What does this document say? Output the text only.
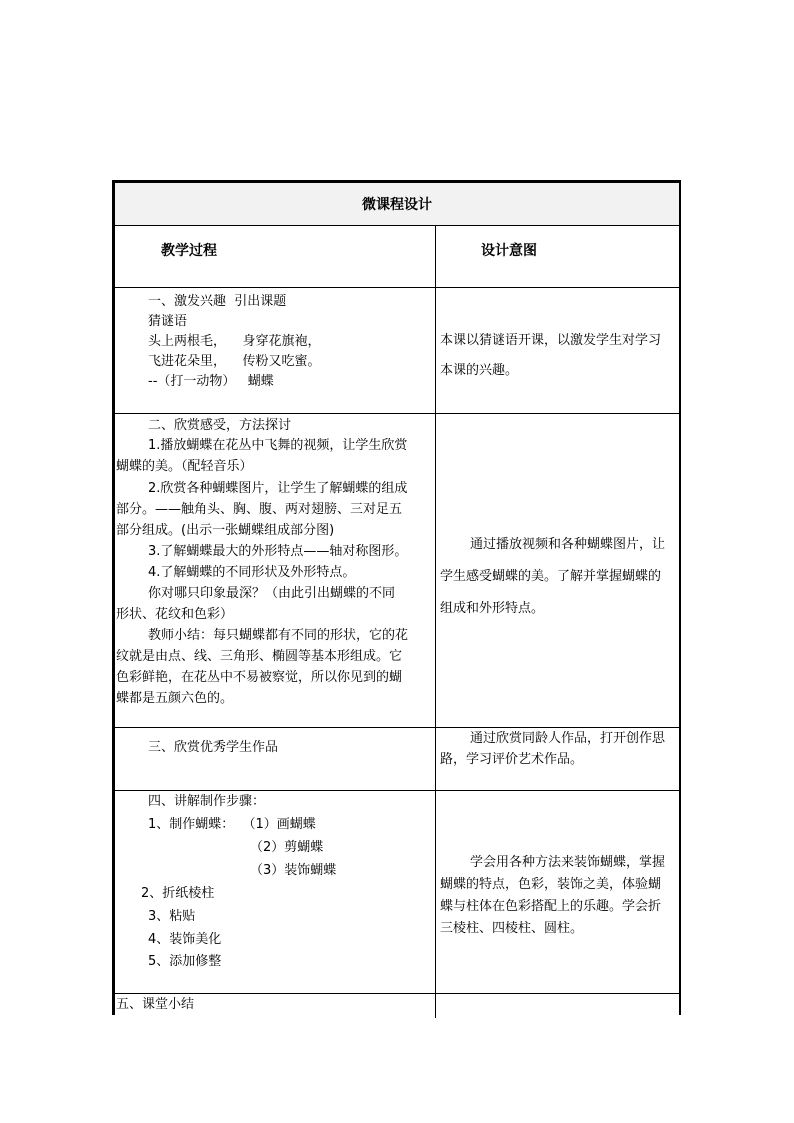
微课程设计
教学过程	设计意图
一、激发兴趣  引出课题
猜谜语
头上两根毛，    身穿花旗袍，
飞进花朵里，    传粉又吃蜜。
--（打一动物）   蝴蝶
本课以猜谜语开课，以激发学生对学习
本课的兴趣。
二、欣赏感受，方法探讨
1.播放蝴蝶在花丛中飞舞的视频，让学生欣赏
蝴蝶的美。（配轻音乐）
2.欣赏各种蝴蝶图片，让学生了解蝴蝶的组成
部分。——触角头、胸、腹、两对翅膀、三对足五
部分组成。(出示一张蝴蝶组成部分图)
3.了解蝴蝶最大的外形特点——轴对称图形。
4.了解蝴蝶的不同形状及外形特点。
你对哪只印象最深？（由此引出蝴蝶的不同
形状、花纹和色彩）
教师小结：每只蝴蝶都有不同的形状，它的花
纹就是由点、线、三角形、椭圆等基本形组成。它
色彩鲜艳，在花丛中不易被察觉，所以你见到的蝴
蝶都是五颜六色的。
通过播放视频和各种蝴蝶图片，让
学生感受蝴蝶的美。了解并掌握蝴蝶的
组成和外形特点。
三、欣赏优秀学生作品
通过欣赏同龄人作品，打开创作思
路，学习评价艺术作品。
四、讲解制作步骤：
1、制作蝴蝶：  （1）画蝴蝶
（2）剪蝴蝶
（3）装饰蝴蝶
2、折纸棱柱
3、粘贴
4、装饰美化
5、添加修整
学会用各种方法来装饰蝴蝶，掌握
蝴蝶的特点，色彩，装饰之美，体验蝴
蝶与柱体在色彩搭配上的乐趣。学会折
三棱柱、四棱柱、圆柱。
五、课堂小结
